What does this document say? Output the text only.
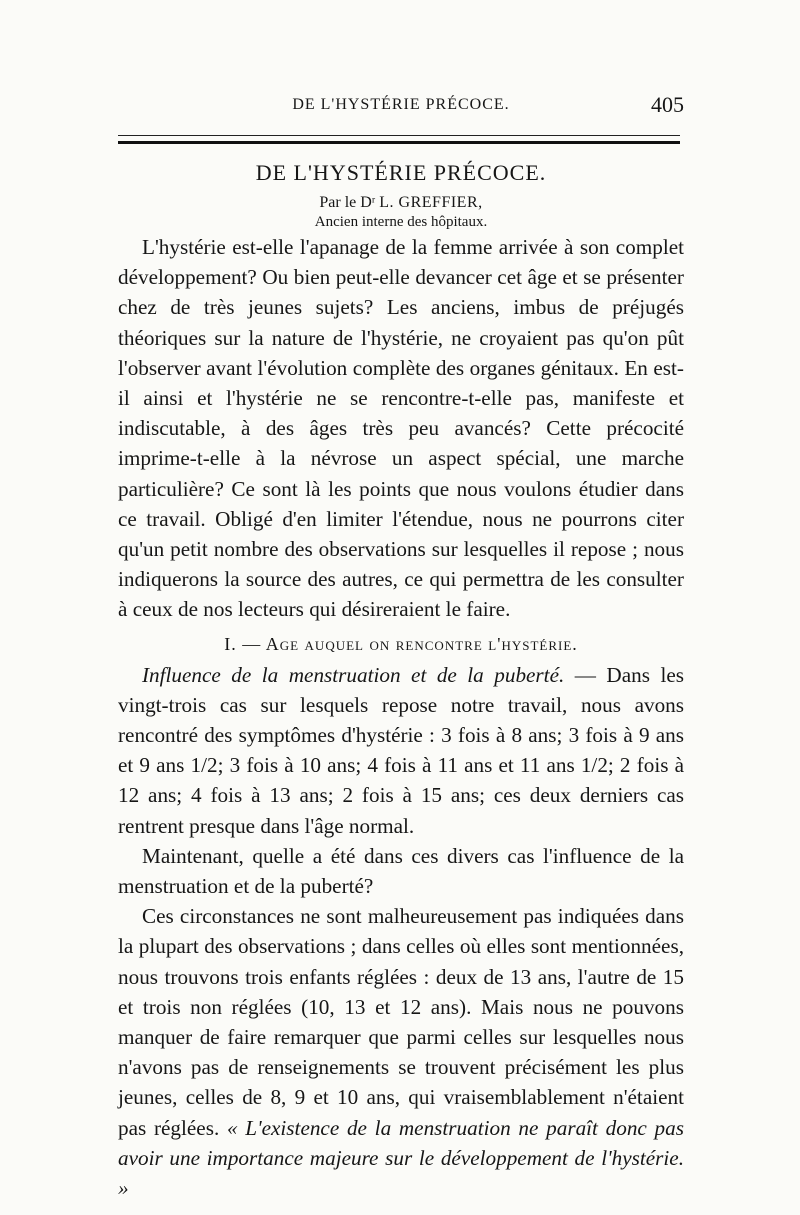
DE L'HYSTÉRIE PRÉCOCE.	405
DE L'HYSTÉRIE PRÉCOCE.
Par le Dʳ L. GREFFIER,
Ancien interne des hôpitaux.

L'hystérie est-elle l'apanage de la femme arrivée à son complet développement? Ou bien peut-elle devancer cet âge et se présenter chez de très jeunes sujets? Les anciens, imbus de préjugés théoriques sur la nature de l'hystérie, ne croyaient pas qu'on pût l'observer avant l'évolution complète des organes génitaux. En est-il ainsi et l'hystérie ne se rencontre-t-elle pas, manifeste et indiscutable, à des âges très peu avancés? Cette précocité imprime-t-elle à la névrose un aspect spécial, une marche particulière? Ce sont là les points que nous voulons étudier dans ce travail. Obligé d'en limiter l'étendue, nous ne pourrons citer qu'un petit nombre des observations sur lesquelles il repose ; nous indiquerons la source des autres, ce qui permettra de les consulter à ceux de nos lecteurs qui désireraient le faire.

I. — Age auquel on rencontre l'hystérie.

Influence de la menstruation et de la puberté. — Dans les vingt-trois cas sur lesquels repose notre travail, nous avons rencontré des symptômes d'hystérie : 3 fois à 8 ans; 3 fois à 9 ans et 9 ans 1/2; 3 fois à 10 ans; 4 fois à 11 ans et 11 ans 1/2; 2 fois à 12 ans; 4 fois à 13 ans; 2 fois à 15 ans; ces deux derniers cas rentrent presque dans l'âge normal.

Maintenant, quelle a été dans ces divers cas l'influence de la menstruation et de la puberté?

Ces circonstances ne sont malheureusement pas indiquées dans la plupart des observations ; dans celles où elles sont mentionnées, nous trouvons trois enfants réglées : deux de 13 ans, l'autre de 15 et trois non réglées (10, 13 et 12 ans). Mais nous ne pouvons manquer de faire remarquer que parmi celles sur lesquelles nous n'avons pas de renseignements se trouvent précisément les plus jeunes, celles de 8, 9 et 10 ans, qui vraisemblablement n'étaient pas réglées. « L'existence de la menstruation ne paraît donc pas avoir une importance majeure sur le développement de l'hystérie. »
